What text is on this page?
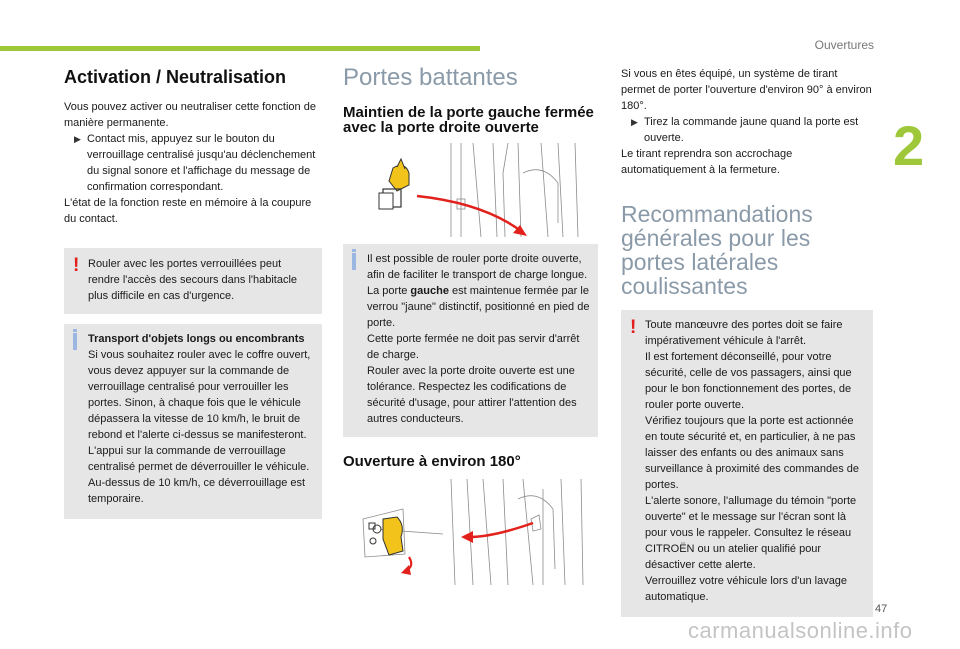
Ouvertures
2
Activation / Neutralisation

Vous pouvez activer ou neutraliser cette fonction de manière permanente.

▶ Contact mis, appuyez sur le bouton du verrouillage centralisé jusqu'au déclenchement du signal sonore et l'affichage du message de confirmation correspondant.

L'état de la fonction reste en mémoire à la coupure du contact.

! Rouler avec les portes verrouillées peut rendre l'accès des secours dans l'habitacle plus difficile en cas d'urgence.

Transport d'objets longs ou encombrants

Si vous souhaitez rouler avec le coffre ouvert, vous devez appuyer sur la commande de verrouillage centralisé pour verrouiller les portes. Sinon, à chaque fois que le véhicule dépassera la vitesse de 10 km/h, le bruit de rebond et l'alerte ci-dessus se manifesteront.

L'appui sur la commande de verrouillage centralisé permet de déverrouiller le véhicule.

Au-dessus de 10 km/h, ce déverrouillage est temporaire.

Portes battantes
Maintien de la porte gauche fermée avec la porte droite ouverte

Il est possible de rouler porte droite ouverte, afin de faciliter le transport de charge longue.

La porte gauche est maintenue fermée par le verrou "jaune" distinctif, positionné en pied de porte.

Cette porte fermée ne doit pas servir d'arrêt de charge.

Rouler avec la porte droite ouverte est une tolérance. Respectez les codifications de sécurité d'usage, pour attirer l'attention des autres conducteurs.

Ouverture à environ 180°

Si vous en êtes équipé, un système de tirant permet de porter l'ouverture d'environ 90° à environ 180°.

▶ Tirez la commande jaune quand la porte est ouverte.

Le tirant reprendra son accrochage automatiquement à la fermeture.

Recommandations générales pour les portes latérales coulissantes
! Toute manœuvre des portes doit se faire impérativement véhicule à l'arrêt.

Il est fortement déconseillé, pour votre sécurité, celle de vos passagers, ainsi que pour le bon fonctionnement des portes, de rouler porte ouverte.

Vérifiez toujours que la porte est actionnée en toute sécurité et, en particulier, à ne pas laisser des enfants ou des animaux sans surveillance à proximité des commandes de portes.

L'alerte sonore, l'allumage du témoin "porte ouverte" et le message sur l'écran sont là pour vous le rappeler. Consultez le réseau CITROËN ou un atelier qualifié pour désactiver cette alerte.

Verrouillez votre véhicule lors d'un lavage automatique.

47
carmanualsonline.info
